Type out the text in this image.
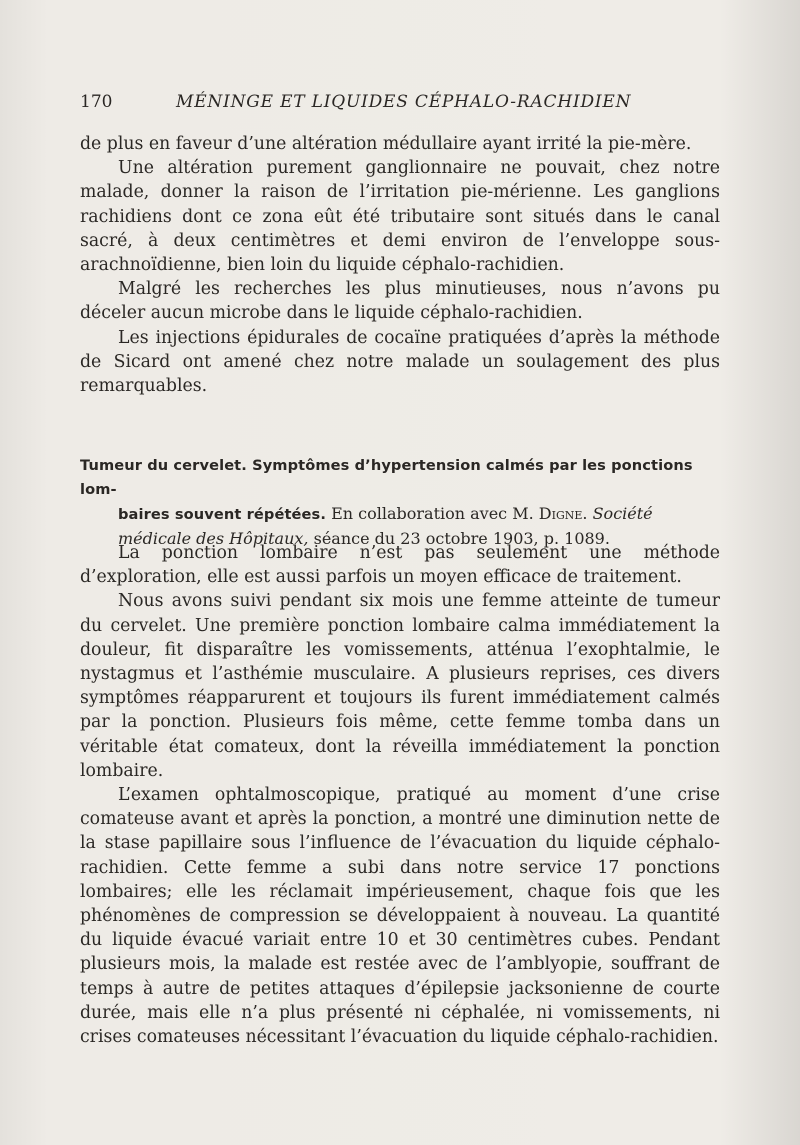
170	MÉNINGE ET LIQUIDES CÉPHALO-RACHIDIEN

de plus en faveur d’une altération médullaire ayant irrité la pie-mère.

Une altération purement ganglionnaire ne pouvait, chez notre malade, donner la raison de l’irritation pie-mérienne. Les ganglions rachidiens dont ce zona eût été tributaire sont situés dans le canal sacré, à deux centimètres et demi environ de l’enveloppe sous-arachnoïdienne, bien loin du liquide céphalo-rachidien.

Malgré les recherches les plus minutieuses, nous n’avons pu déceler aucun microbe dans le liquide céphalo-rachidien.

Les injections épidurales de cocaïne pratiquées d’après la méthode de Sicard ont amené chez notre malade un soulagement des plus remarquables.

Tumeur du cervelet. Symptômes d’hypertension calmés par les ponctions lom-
baires souvent répétées. En collaboration avec M. Digne. Société médicale des Hôpitaux, séance du 23 octobre 1903, p. 1089.

La ponction lombaire n’est pas seulement une méthode d’exploration, elle est aussi parfois un moyen efficace de traitement.

Nous avons suivi pendant six mois une femme atteinte de tumeur du cervelet. Une première ponction lombaire calma immédiatement la douleur, fit disparaître les vomissements, atténua l’exophtalmie, le nystagmus et l’asthémie musculaire. A plusieurs reprises, ces divers symptômes réapparurent et toujours ils furent immédiatement calmés par la ponction. Plusieurs fois même, cette femme tomba dans un véritable état comateux, dont la réveilla immédiatement la ponction lombaire.

L’examen ophtalmoscopique, pratiqué au moment d’une crise comateuse avant et après la ponction, a montré une diminution nette de la stase papillaire sous l’influence de l’évacuation du liquide céphalo-rachidien. Cette femme a subi dans notre service 17 ponctions lombaires; elle les réclamait impérieusement, chaque fois que les phénomènes de compression se développaient à nouveau. La quantité du liquide évacué variait entre 10 et 30 centimètres cubes. Pendant plusieurs mois, la malade est restée avec de l’amblyopie, souffrant de temps à autre de petites attaques d’épilepsie jacksonienne de courte durée, mais elle n’a plus présenté ni céphalée, ni vomissements, ni crises comateuses nécessitant l’évacuation du liquide céphalo-rachidien.
